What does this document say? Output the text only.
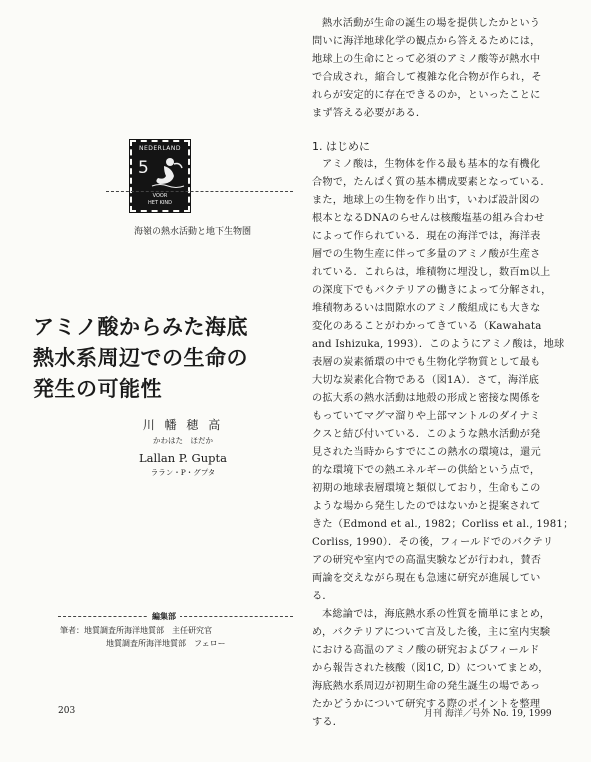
NEDERLAND
5
VOOR
HET KIND
海嶺の熱水活動と地下生物圏
アミノ酸からみた海底
熱水系周辺での生命の
発生の可能性
川 幡 穂 高
かわはた　ほだか
Lallan P. Gupta
ララン・P・グプタ
編集部
筆者：地質調査所海洋地質部　主任研究官
地質調査所海洋地質部　フェロー
熱水活動が生命の誕生の場を提供したかという
問いに海洋地球化学の観点から答えるためには，
地球上の生命にとって必須のアミノ酸等が熱水中
で合成され，縮合して複雑な化合物が作られ，そ
れらが安定的に存在できるのか，といったことに
まず答える必要がある．
1. はじめに
アミノ酸は，生物体を作る最も基本的な有機化
合物で，たんぱく質の基本構成要素となっている．
また，地球上の生物を作り出す，いわば設計図の
根本となるDNAのらせんは核酸塩基の組み合わせ
によって作られている．現在の海洋では，海洋表
層での生物生産に伴って多量のアミノ酸が生産さ
れている．これらは，堆積物に埋没し，数百m以上
の深度下でもバクテリアの働きによって分解され，
堆積物あるいは間隙水のアミノ酸組成にも大きな
変化のあることがわかってきている（Kawahata
and Ishizuka, 1993）．このようにアミノ酸は，地球
表層の炭素循環の中でも生物化学物質として最も
大切な炭素化合物である（図1A）．さて，海洋底
の拡大系の熱水活動は地殻の形成と密接な関係を
もっていてマグマ溜りや上部マントルのダイナミ
クスと結び付いている．このような熱水活動が発
見された当時からすでにこの熱水の環境は，還元
的な環境下での熱エネルギーの供給という点で，
初期の地球表層環境と類似しており，生命もこの
ような場から発生したのではないかと提案されて
きた（Edmond et al., 1982；Corliss et al., 1981；
Corliss, 1990）．その後，フィールドでのバクテリ
アの研究や室内での高温実験などが行われ，賛否
両論を交えながら現在も急速に研究が進展してい
る．
本総論では，海底熱水系の性質を簡単にまとめ，
め，バクテリアについて言及した後，主に室内実験
における高温のアミノ酸の研究およびフィールド
から報告された核酸（図1C, D）についてまとめ，
海底熱水系周辺が初期生命の発生誕生の場であっ
たかどうかについて研究する際のポイントを整理
する．
203	月刊 海洋／号外 No. 19, 1999
